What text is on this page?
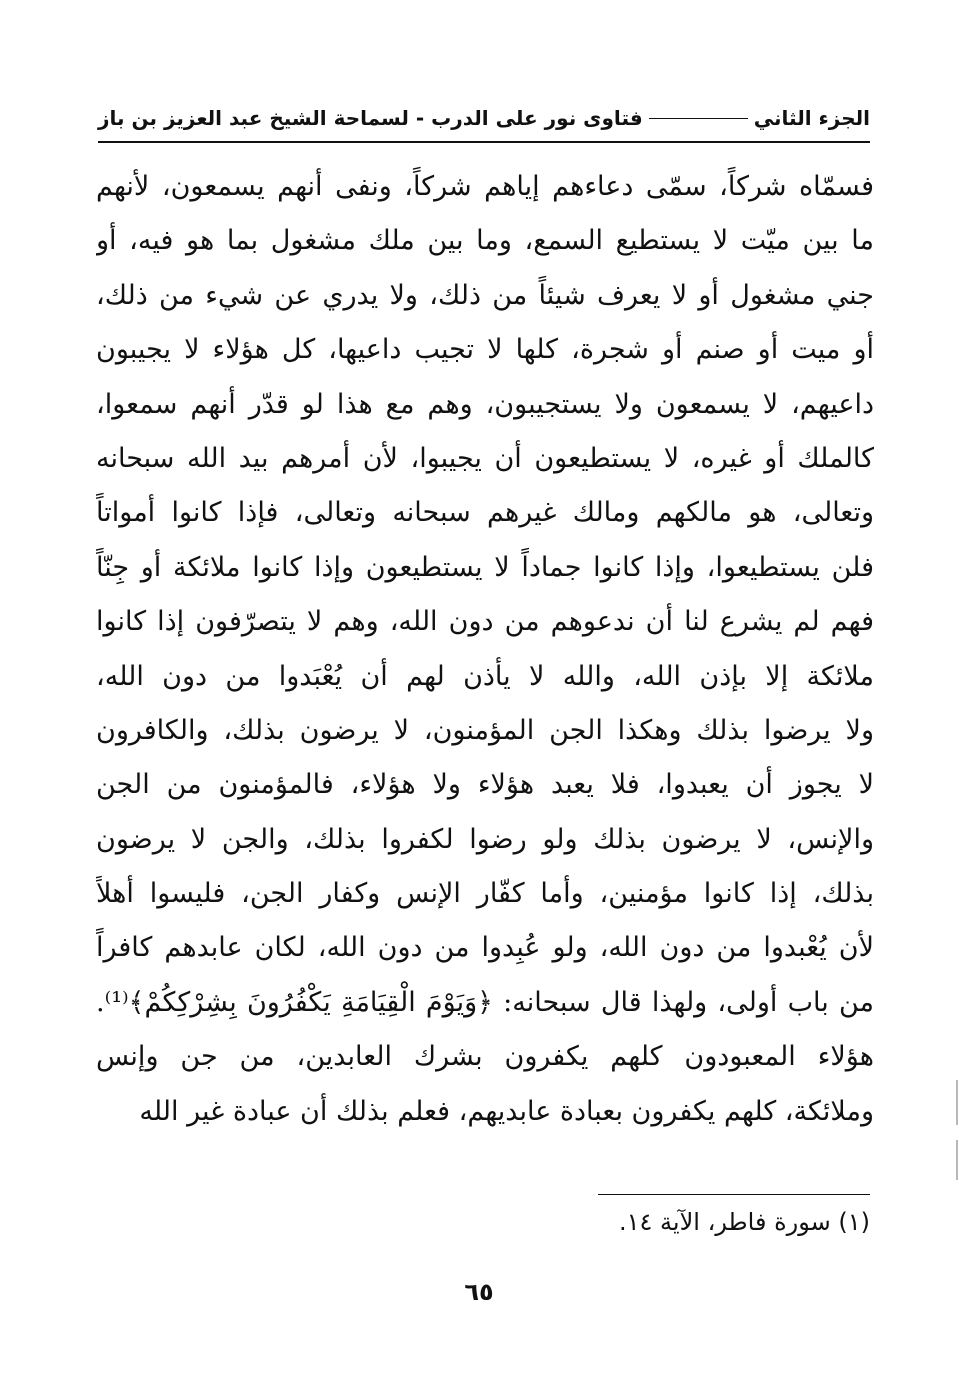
فتاوى نور على الدرب - لسماحة الشيخ عبد العزيز بن باز	الجزء الثاني
فسمّاه شركاً، سمّى دعاءهم إياهم شركاً، ونفى أنهم يسمعون، لأنهم
ما بين ميّت لا يستطيع السمع، وما بين ملك مشغول بما هو فيه، أو
جني مشغول أو لا يعرف شيئاً من ذلك، ولا يدري عن شيء من ذلك،
أو ميت أو صنم أو شجرة، كلها لا تجيب داعيها، كل هؤلاء لا يجيبون
داعيهم، لا يسمعون ولا يستجيبون، وهم مع هذا لو قدّر أنهم سمعوا،
كالملك أو غيره، لا يستطيعون أن يجيبوا، لأن أمرهم بيد الله سبحانه
وتعالى، هو مالكهم ومالك غيرهم سبحانه وتعالى، فإذا كانوا أمواتاً
فلن يستطيعوا، وإذا كانوا جماداً لا يستطيعون وإذا كانوا ملائكة أو جِنّاً
فهم لم يشرع لنا أن ندعوهم من دون الله، وهم لا يتصرّفون إذا كانوا
ملائكة إلا بإذن الله، والله لا يأذن لهم أن يُعْبَدوا من دون الله،
ولا يرضوا بذلك وهكذا الجن المؤمنون، لا يرضون بذلك، والكافرون
لا يجوز أن يعبدوا، فلا يعبد هؤلاء ولا هؤلاء، فالمؤمنون من الجن
والإنس، لا يرضون بذلك ولو رضوا لكفروا بذلك، والجن لا يرضون
بذلك، إذا كانوا مؤمنين، وأما كفّار الإنس وكفار الجن، فليسوا أهلاً
لأن يُعْبدوا من دون الله، ولو عُبِدوا من دون الله، لكان عابدهم كافراً
من باب أولى، ولهذا قال سبحانه: ﴿وَيَوْمَ الْقِيَامَةِ يَكْفُرُونَ بِشِرْكِكُمْ﴾⁽¹⁾.
هؤلاء المعبودون كلهم يكفرون بشرك العابدين، من جن وإنس
وملائكة، كلهم يكفرون بعبادة عابديهم، فعلم بذلك أن عبادة غير الله
(١) سورة فاطر، الآية ١٤.
٦٥
